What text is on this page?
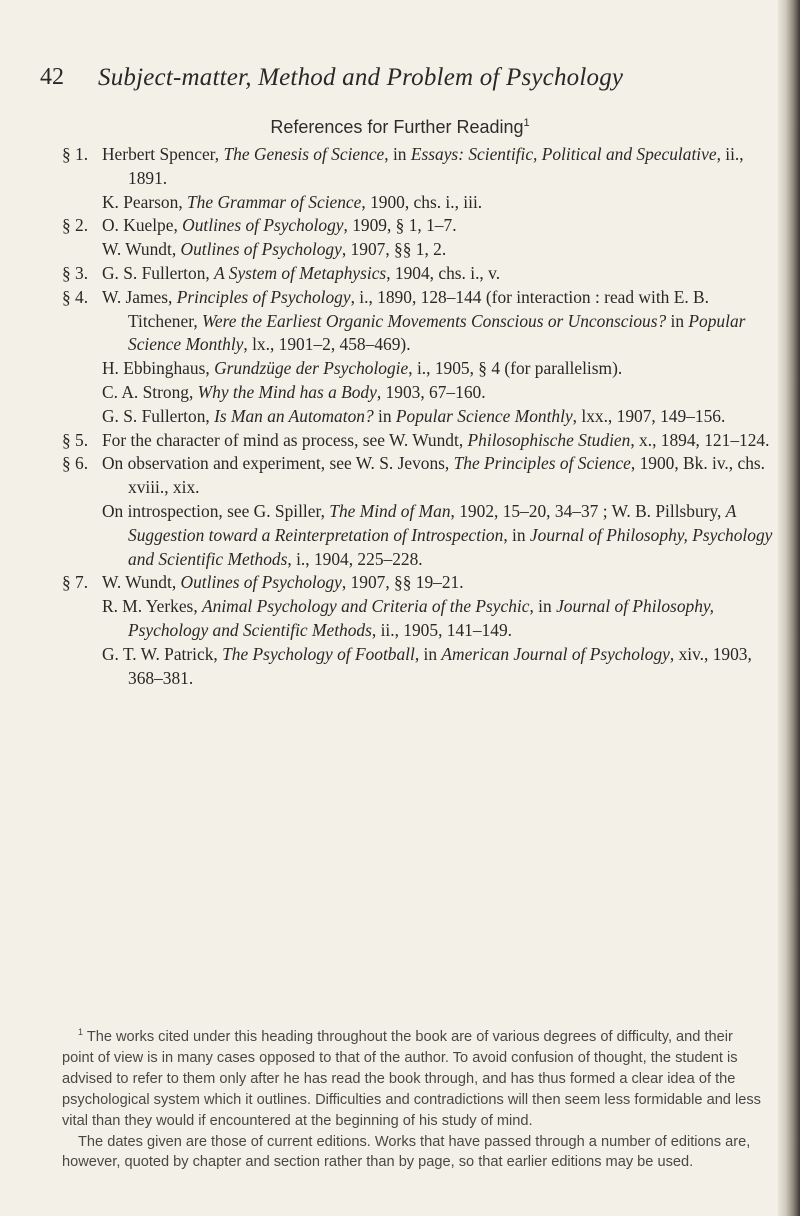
42 Subject-matter, Method and Problem of Psychology
References for Further Reading$^1$
§ 1. Herbert Spencer, The Genesis of Science, in Essays: Scientific, Political and Speculative, ii., 1891.
K. Pearson, The Grammar of Science, 1900, chs. i., iii.
§ 2. O. Kuelpe, Outlines of Psychology, 1909, § 1, 1–7.
W. Wundt, Outlines of Psychology, 1907, §§ 1, 2.
§ 3. G. S. Fullerton, A System of Metaphysics, 1904, chs. i., v.
§ 4. W. James, Principles of Psychology, i., 1890, 128–144 (for interaction : read with E. B. Titchener, Were the Earliest Organic Movements Conscious or Unconscious? in Popular Science Monthly, lx., 1901–2, 458–469).
H. Ebbinghaus, Grundzüge der Psychologie, i., 1905, § 4 (for parallelism).
C. A. Strong, Why the Mind has a Body, 1903, 67–160.
G. S. Fullerton, Is Man an Automaton? in Popular Science Monthly, lxx., 1907, 149–156.
§ 5. For the character of mind as process, see W. Wundt, Philosophische Studien, x., 1894, 121–124.
§ 6. On observation and experiment, see W. S. Jevons, The Principles of Science, 1900, Bk. iv., chs. xviii., xix.
On introspection, see G. Spiller, The Mind of Man, 1902, 15–20, 34–37 ; W. B. Pillsbury, A Suggestion toward a Reinterpretation of Introspection, in Journal of Philosophy, Psychology and Scientific Methods, i., 1904, 225–228.
§ 7. W. Wundt, Outlines of Psychology, 1907, §§ 19–21.
R. M. Yerkes, Animal Psychology and Criteria of the Psychic, in Journal of Philosophy, Psychology and Scientific Methods, ii., 1905, 141–149.
G. T. W. Patrick, The Psychology of Football, in American Journal of Psychology, xiv., 1903, 368–381.

$^1$ The works cited under this heading throughout the book are of various degrees of difficulty, and their point of view is in many cases opposed to that of the author. To avoid confusion of thought, the student is advised to refer to them only after he has read the book through, and has thus formed a clear idea of the psychological system which it outlines. Difficulties and contradictions will then seem less formidable and less vital than they would if encountered at the beginning of his study of mind.

The dates given are those of current editions. Works that have passed through a number of editions are, however, quoted by chapter and section rather than by page, so that earlier editions may be used.
